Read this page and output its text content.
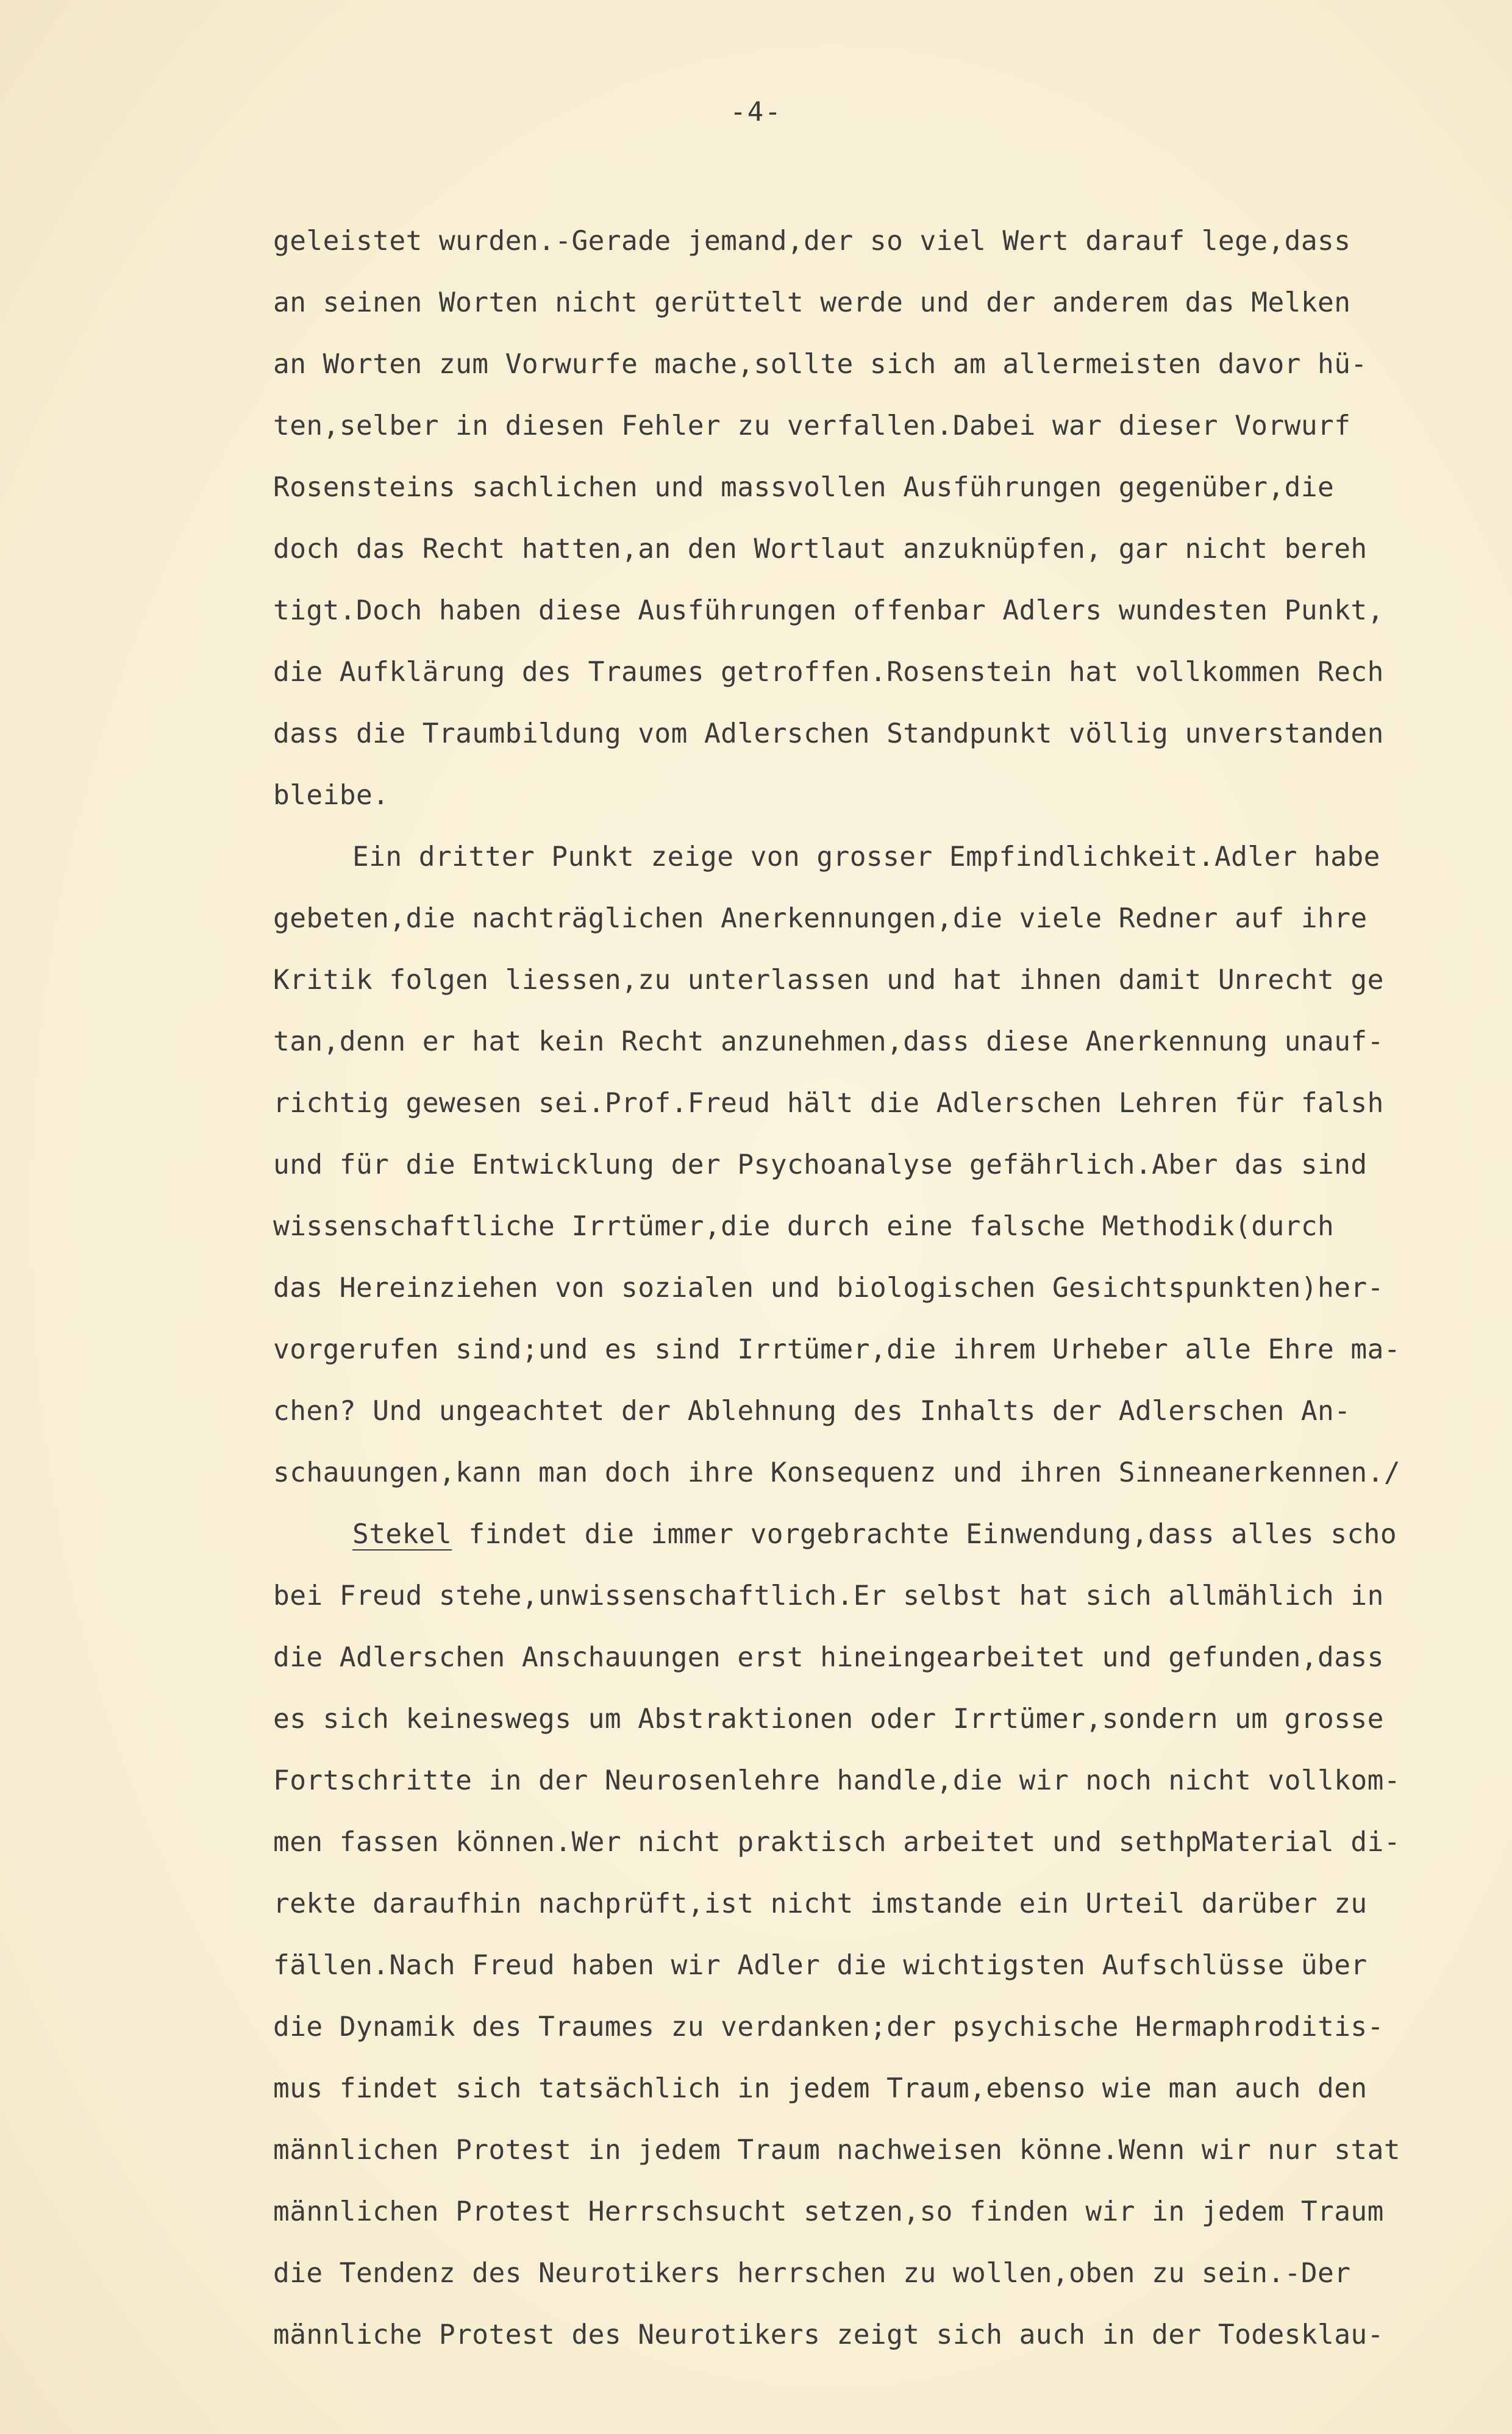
-4-
geleistet wurden.-Gerade jemand,der so viel Wert darauf lege,dass
an seinen Worten nicht gerüttelt werde und der anderem das Melken
an Worten zum Vorwurfe mache,sollte sich am allermeisten davor hü-
ten,selber in diesen Fehler zu verfallen.Dabei war dieser Vorwurf
Rosensteins sachlichen und massvollen Ausführungen gegenüber,die
doch das Recht hatten,an den Wortlaut anzuknüpfen, gar nicht bereh
tigt.Doch haben diese Ausführungen offenbar Adlers wundesten Punkt,
die Aufklärung des Traumes getroffen.Rosenstein hat vollkommen Rech
dass die Traumbildung vom Adlerschen Standpunkt völlig unverstanden
bleibe.
Ein dritter Punkt zeige von grosser Empfindlichkeit.Adler habe
gebeten,die nachträglichen Anerkennungen,die viele Redner auf ihre
Kritik folgen liessen,zu unterlassen und hat ihnen damit Unrecht ge
tan,denn er hat kein Recht anzunehmen,dass diese Anerkennung unauf-
richtig gewesen sei.Prof.Freud hält die Adlerschen Lehren für falsh
und für die Entwicklung der Psychoanalyse gefährlich.Aber das sind
wissenschaftliche Irrtümer,die durch eine falsche Methodik(durch
das Hereinziehen von sozialen und biologischen Gesichtspunkten)her-
vorgerufen sind;und es sind Irrtümer,die ihrem Urheber alle Ehre ma-
chen? Und ungeachtet der Ablehnung des Inhalts der Adlerschen An-
schauungen,kann man doch ihre Konsequenz und ihren Sinneanerkennen./
Stekel findet die immer vorgebrachte Einwendung,dass alles scho
bei Freud stehe,unwissenschaftlich.Er selbst hat sich allmählich in
die Adlerschen Anschauungen erst hineingearbeitet und gefunden,dass
es sich keineswegs um Abstraktionen oder Irrtümer,sondern um grosse
Fortschritte in der Neurosenlehre handle,die wir noch nicht vollkom-
men fassen können.Wer nicht praktisch arbeitet und sethpMaterial di-
rekte daraufhin nachprüft,ist nicht imstande ein Urteil darüber zu
fällen.Nach Freud haben wir Adler die wichtigsten Aufschlüsse über
die Dynamik des Traumes zu verdanken;der psychische Hermaphroditis-
mus findet sich tatsächlich in jedem Traum,ebenso wie man auch den
männlichen Protest in jedem Traum nachweisen könne.Wenn wir nur stat
männlichen Protest Herrschsucht setzen,so finden wir in jedem Traum
die Tendenz des Neurotikers herrschen zu wollen,oben zu sein.-Der
männliche Protest des Neurotikers zeigt sich auch in der Todesklau-
